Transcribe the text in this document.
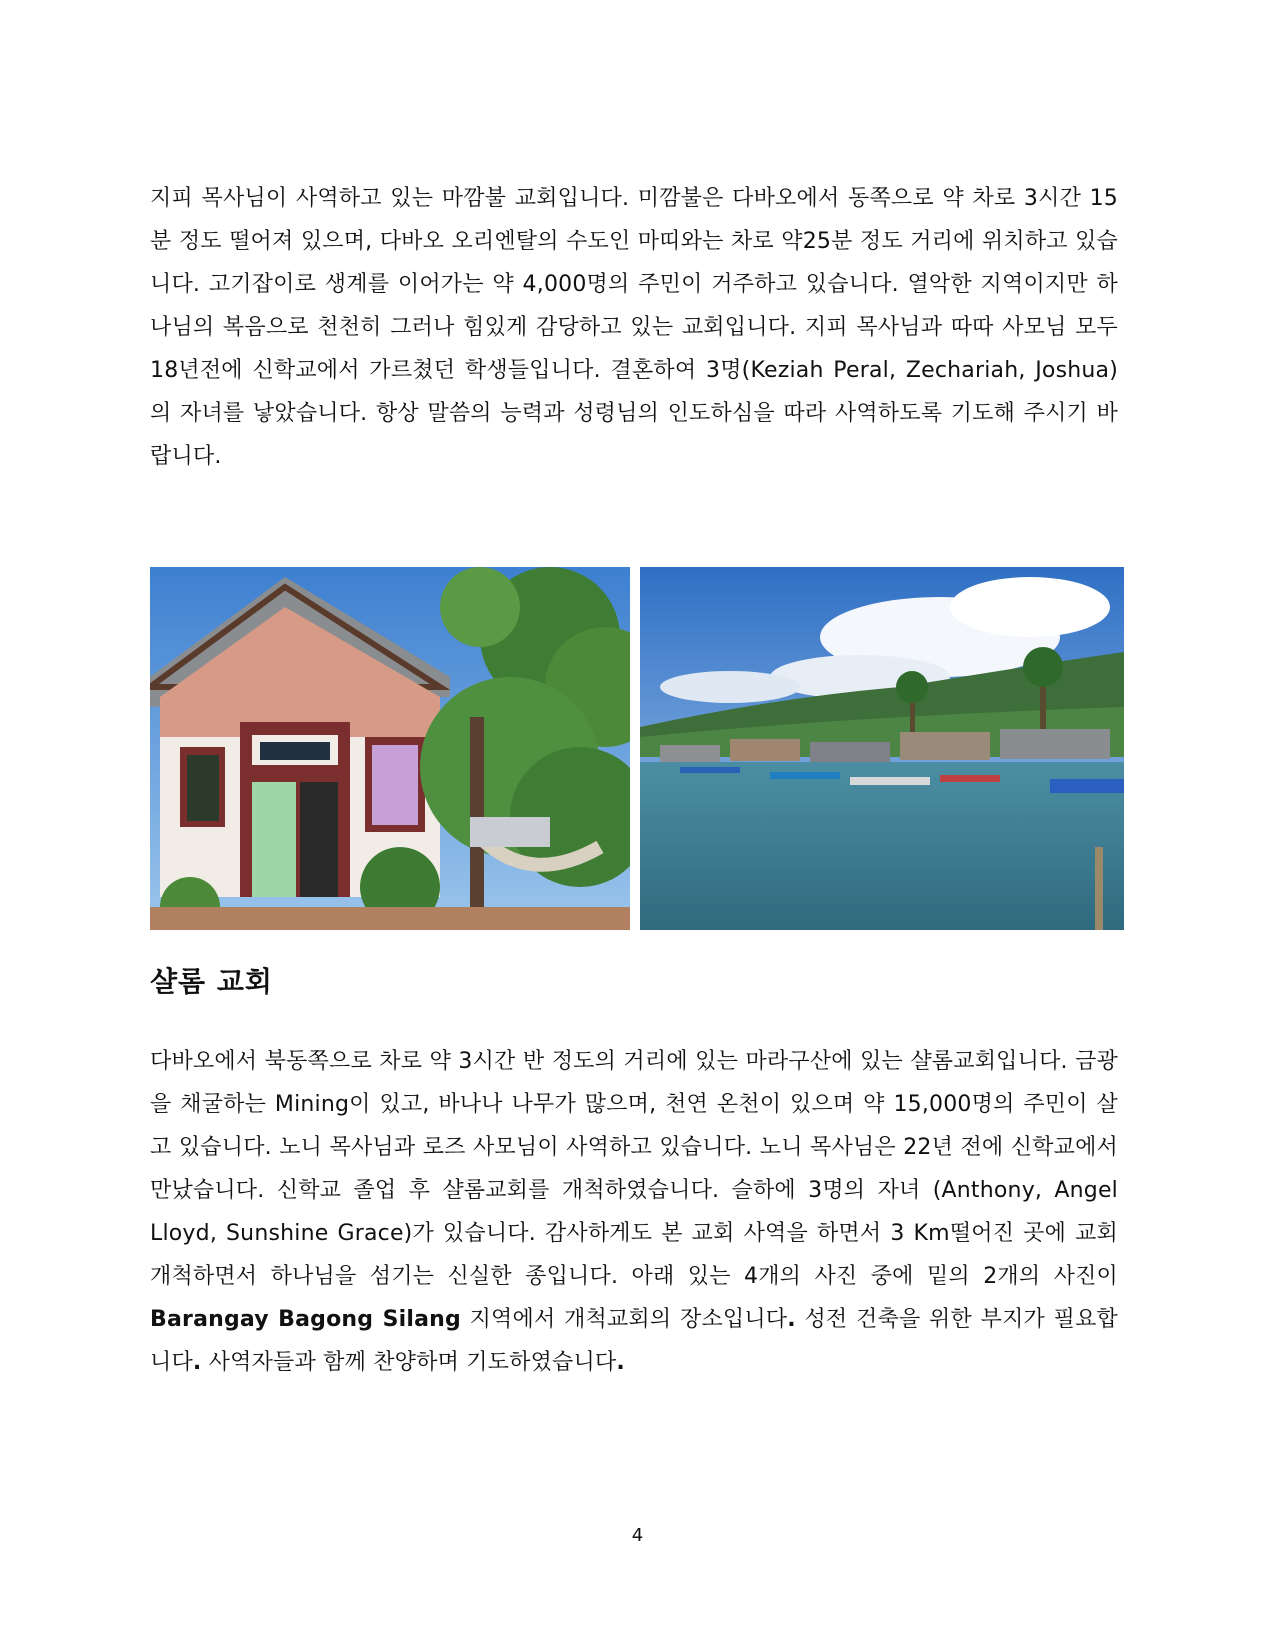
지피 목사님이 사역하고 있는 마깜불 교회입니다. 미깜불은 다바오에서 동쪽으로 약 차로 3시간 15분 정도 떨어져 있으며, 다바오 오리엔탈의 수도인 마띠와는 차로 약25분 정도 거리에 위치하고 있습니다. 고기잡이로 생계를 이어가는 약 4,000명의 주민이 거주하고 있습니다. 열악한 지역이지만 하나님의 복음으로 천천히 그러나 힘있게 감당하고 있는 교회입니다. 지피 목사님과 따따 사모님 모두 18년전에 신학교에서 가르쳤던 학생들입니다. 결혼하여 3명(Keziah Peral, Zechariah, Joshua)의 자녀를 낳았습니다. 항상 말씀의 능력과 성령님의 인도하심을 따라 사역하도록 기도해 주시기 바랍니다.

샬롬 교회

다바오에서 북동쪽으로 차로 약 3시간 반 정도의 거리에 있는 마라구산에 있는 샬롬교회입니다. 금광을 채굴하는 Mining이 있고, 바나나 나무가 많으며, 천연 온천이 있으며 약 15,000명의 주민이 살고 있습니다. 노니 목사님과 로즈 사모님이 사역하고 있습니다. 노니 목사님은 22년 전에 신학교에서 만났습니다. 신학교 졸업 후 샬롬교회를 개척하였습니다. 슬하에 3명의 자녀 (Anthony, Angel Lloyd, Sunshine Grace)가 있습니다. 감사하게도 본 교회 사역을 하면서 3 Km떨어진 곳에 교회 개척하면서 하나님을 섬기는 신실한 종입니다. 아래 있는 4개의 사진 중에 밑의 2개의 사진이 Barangay Bagong Silang 지역에서 개척교회의 장소입니다. 성전 건축을 위한 부지가 필요합니다. 사역자들과 함께 찬양하며 기도하였습니다.

4
